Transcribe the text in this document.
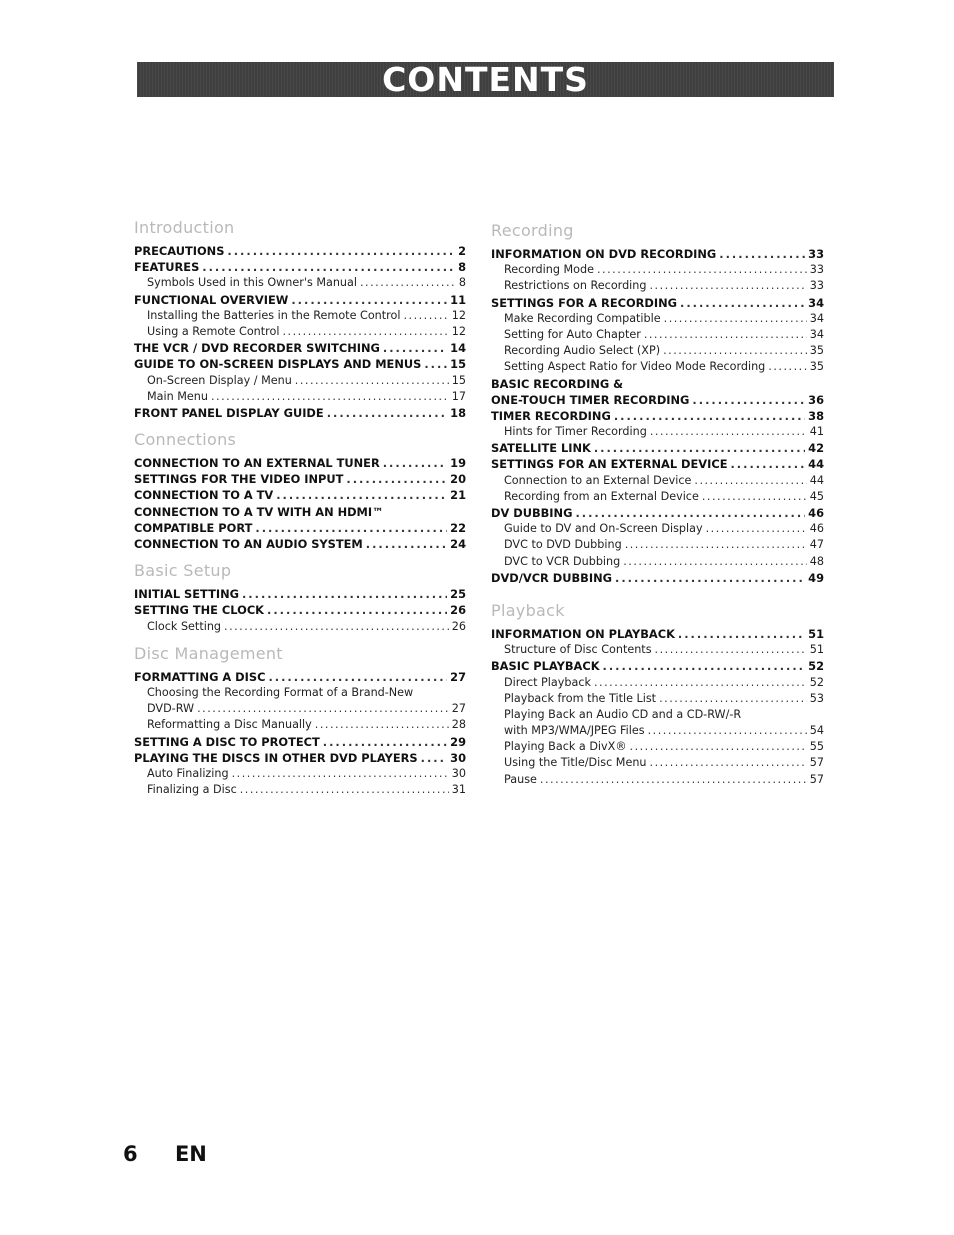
CONTENTS
Introduction
PRECAUTIONS .....	2
FEATURES .....	8
Symbols Used in this Owner's Manual .....	8
FUNCTIONAL OVERVIEW .....	11
Installing the Batteries in the Remote Control .....	12
Using a Remote Control .....	12
THE VCR / DVD RECORDER SWITCHING .....	14
GUIDE TO ON-SCREEN DISPLAYS AND MENUS .....	15
On-Screen Display / Menu .....	15
Main Menu .....	17
FRONT PANEL DISPLAY GUIDE .....	18
Connections
CONNECTION TO AN EXTERNAL TUNER .....	19
SETTINGS FOR THE VIDEO INPUT .....	20
CONNECTION TO A TV .....	21
CONNECTION TO A TV WITH AN HDMI™
COMPATIBLE PORT .....	22
CONNECTION TO AN AUDIO SYSTEM .....	24
Basic Setup
INITIAL SETTING .....	25
SETTING THE CLOCK .....	26
Clock Setting .....	26
Disc Management
FORMATTING A DISC .....	27
Choosing the Recording Format of a Brand-New
DVD-RW .....	27
Reformatting a Disc Manually .....	28
SETTING A DISC TO PROTECT .....	29
PLAYING THE DISCS IN OTHER DVD PLAYERS .....	30
Auto Finalizing .....	30
Finalizing a Disc .....	31
Recording
INFORMATION ON DVD RECORDING .....	33
Recording Mode .....	33
Restrictions on Recording .....	33
SETTINGS FOR A RECORDING .....	34
Make Recording Compatible .....	34
Setting for Auto Chapter .....	34
Recording Audio Select (XP) .....	35
Setting Aspect Ratio for Video Mode Recording .....	35
BASIC RECORDING &
ONE-TOUCH TIMER RECORDING .....	36
TIMER RECORDING .....	38
Hints for Timer Recording .....	41
SATELLITE LINK .....	42
SETTINGS FOR AN EXTERNAL DEVICE .....	44
Connection to an External Device .....	44
Recording from an External Device .....	45
DV DUBBING .....	46
Guide to DV and On-Screen Display .....	46
DVC to DVD Dubbing .....	47
DVC to VCR Dubbing .....	48
DVD/VCR DUBBING .....	49
Playback
INFORMATION ON PLAYBACK .....	51
Structure of Disc Contents .....	51
BASIC PLAYBACK .....	52
Direct Playback .....	52
Playback from the Title List .....	53
Playing Back an Audio CD and a CD-RW/-R
with MP3/WMA/JPEG Files .....	54
Playing Back a DivX® .....	55
Using the Title/Disc Menu .....	57
Pause .....	57
6 EN
